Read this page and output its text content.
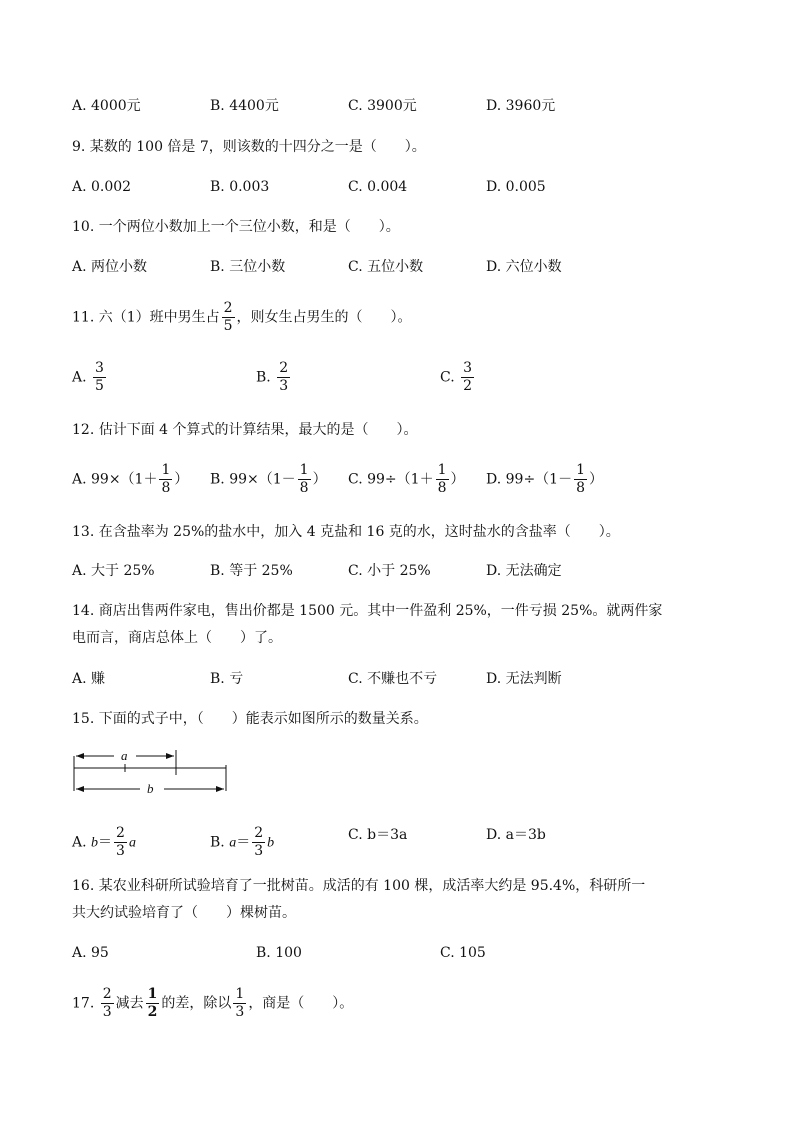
A. 4000元	B. 4400元	C. 3900元	D. 3960元
9. 某数的 100 倍是 7，则该数的十四分之一是（　　）。
A. 0.002	B. 0.003	C. 0.004	D. 0.005
10. 一个两位小数加上一个三位小数，和是（　　）。
A. 两位小数	B. 三位小数	C. 五位小数	D. 六位小数
11. 六（1）班中男生占 $\frac{2}{5}$ ，则女生占男生的（　　）。
A. $\frac{3}{5}$	B. $\frac{2}{3}$	C. $\frac{3}{2}$
12. 估计下面 4 个算式的计算结果，最大的是（　　）。
A. $99\times(1+ \frac{1}{8}$ ） B. $99\times(1- \frac{1}{8}$ ） C. $99\div(1+ \frac{1}{8}$ ） D. $99\div(1- \frac{1}{8}$ ）
13. 在含盐率为 25%的盐水中，加入 4 克盐和 16 克的水，这时盐水的含盐率（　　）。
A. 大于 25%	B. 等于 25%	C. 小于 25%	D. 无法确定
14. 商店出售两件家电，售出价都是 1500 元。其中一件盈利 25%，一件亏损 25%。就两件家
电而言，商店总体上（　　）了。
A. 赚	B. 亏	C. 不赚也不亏	D. 无法判断
15. 下面的式子中，（　　）能表示如图所示的数量关系。
a
b
A. $b= \frac{2}{3}$ a	B. $a= \frac{2}{3}$ b	C. b＝3a	D. a＝3b
16. 某农业科研所试验培育了一批树苗。成活的有 100 棵，成活率大约是 95.4%，科研所一
共大约试验培育了（　　）棵树苗。
A. 95	B. 100	C. 105
17. $\frac{2}{3}$ 减去 $\frac{1}{2}$ 的差，除以 $\frac{1}{3}$ ，商是（　　）。
